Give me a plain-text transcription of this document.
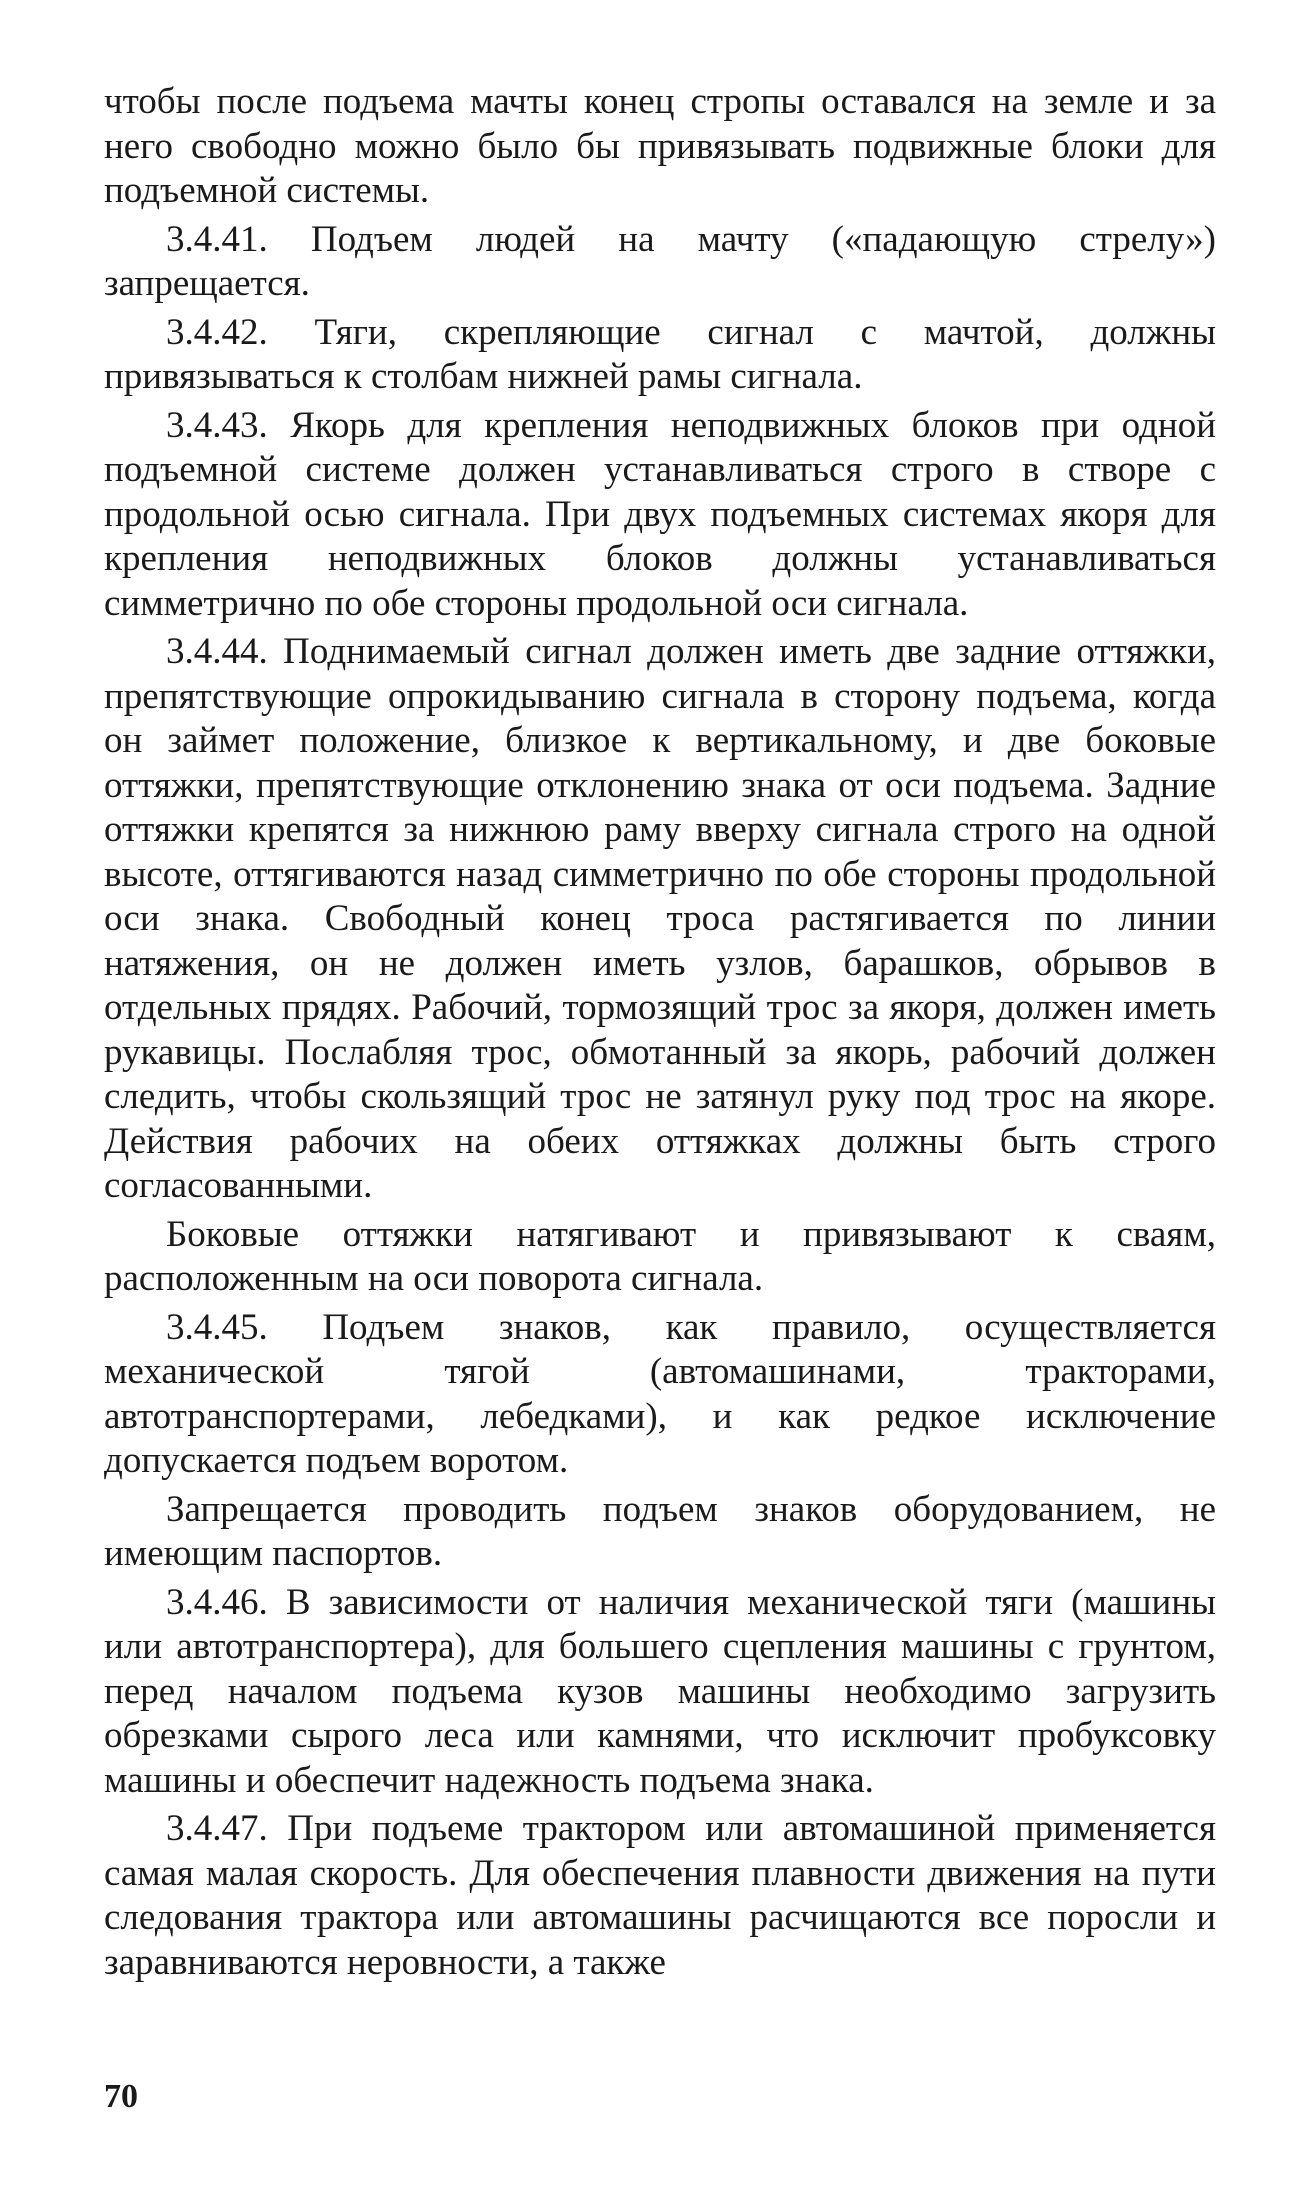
чтобы после подъема мачты конец стропы оставался на земле и за него свободно можно было бы привязывать подвижные блоки для подъемной системы.

3.4.41. Подъем людей на мачту («падающую стрелу») запрещается.

3.4.42. Тяги, скрепляющие сигнал с мачтой, должны привязываться к столбам нижней рамы сигнала.

3.4.43. Якорь для крепления неподвижных блоков при одной подъемной системе должен устанавливаться строго в створе с продольной осью сигнала. При двух подъемных системах якоря для крепления неподвижных блоков должны устанавливаться симметрично по обе стороны продольной оси сигнала.

3.4.44. Поднимаемый сигнал должен иметь две задние оттяжки, препятствующие опрокидыванию сигнала в сторону подъема, когда он займет положение, близкое к вертикальному, и две боковые оттяжки, препятствующие отклонению знака от оси подъема. Задние оттяжки крепятся за нижнюю раму вверху сигнала строго на одной высоте, оттягиваются назад симметрично по обе стороны продольной оси знака. Свободный конец троса растягивается по линии натяжения, он не должен иметь узлов, барашков, обрывов в отдельных прядях. Рабочий, тормозящий трос за якоря, должен иметь рукавицы. Послабляя трос, обмотанный за якорь, рабочий должен следить, чтобы скользящий трос не затянул руку под трос на якоре. Действия рабочих на обеих оттяжках должны быть строго согласованными.

Боковые оттяжки натягивают и привязывают к сваям, расположенным на оси поворота сигнала.

3.4.45. Подъем знаков, как правило, осуществляется механической тягой (автомашинами, тракторами, автотранспортерами, лебедками), и как редкое исключение допускается подъем воротом.

Запрещается проводить подъем знаков оборудованием, не имеющим паспортов.

3.4.46. В зависимости от наличия механической тяги (машины или автотранспортера), для большего сцепления машины с грунтом, перед началом подъема кузов машины необходимо загрузить обрезками сырого леса или камнями, что исключит пробуксовку машины и обеспечит надежность подъема знака.

3.4.47. При подъеме трактором или автомашиной применяется самая малая скорость. Для обеспечения плавности движения на пути следования трактора или автомашины расчищаются все поросли и заравниваются неровности, а также

70
